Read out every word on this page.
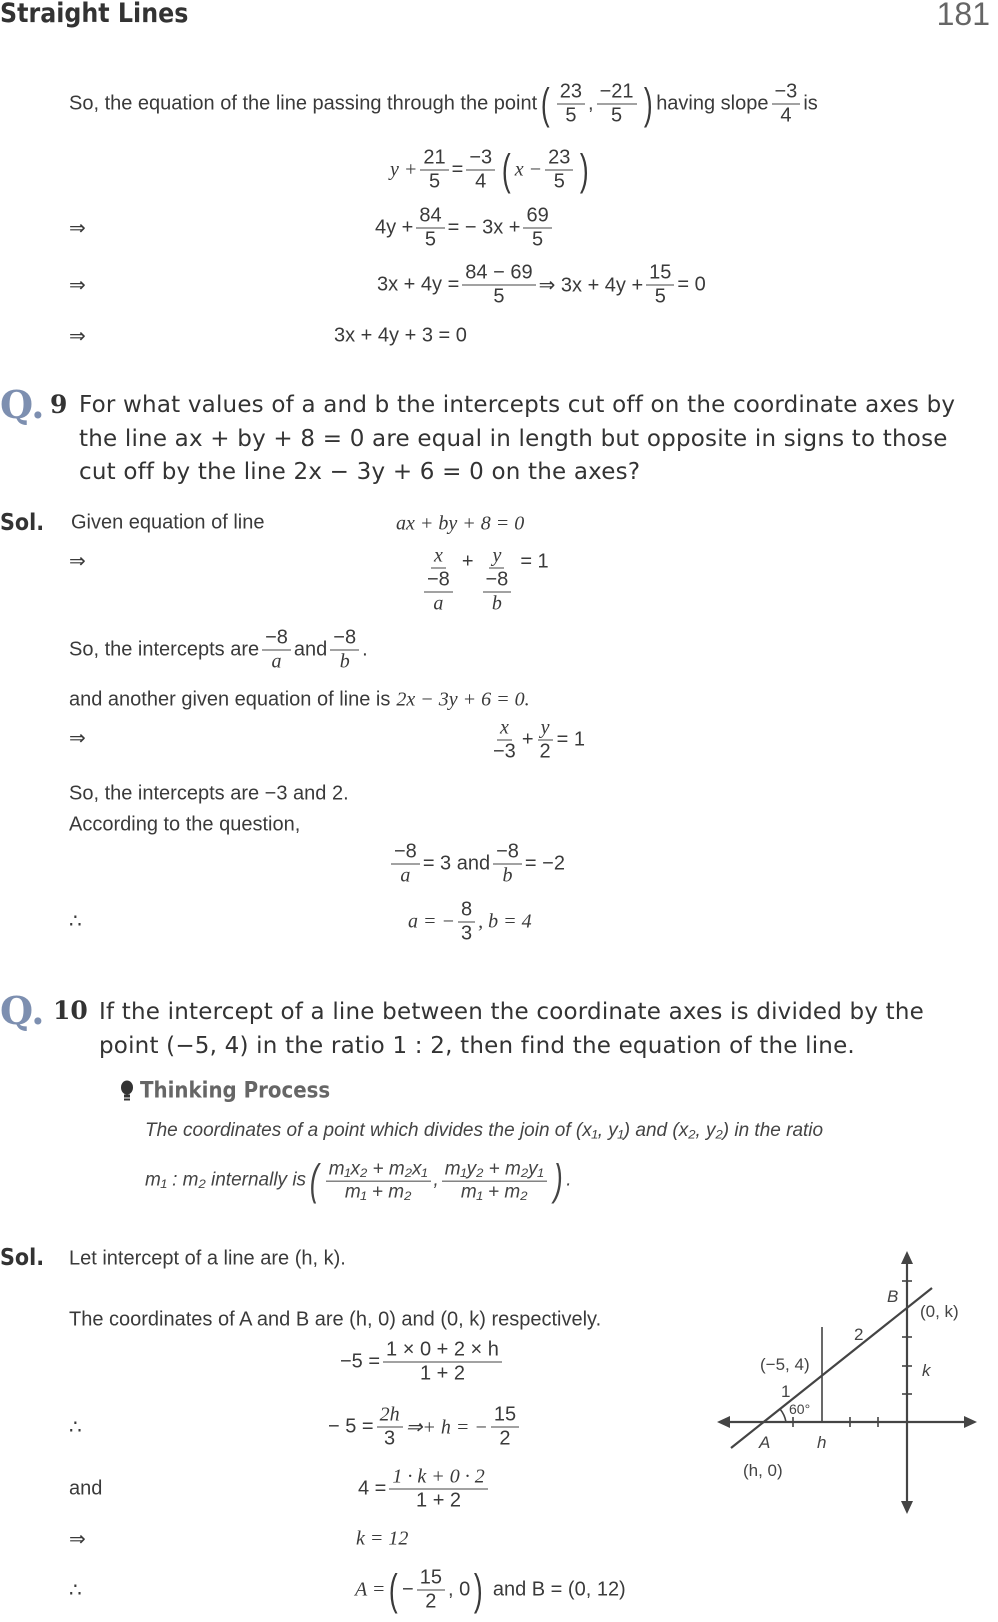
Straight Lines	181
So, the equation of the line passing through the point ( $\frac{23}{5}$ , $\frac{-21}{5}$ ) having slope $\frac{-3}{4}$ is
$y + \frac{21}{5} = \frac{-3}{4}$ ( $x - \frac{23}{5}$ )
⇒	$4y + \frac{84}{5}$ = − $3x + \frac{69}{5}$
⇒	$3x + 4y = \frac{84 - 69}{5}$ ⇒ $3x + 4y + \frac{15}{5} = 0$
⇒	3x + 4y + 3 = 0
Q. 9 For what values of a and b the intercepts cut off on the coordinate axes by
the line ax + by + 8 = 0 are equal in length but opposite in signs to those
cut off by the line 2x − 3y + 6 = 0 on the axes?
Sol. Given equation of line	ax + by + 8 = 0
⇒	$\frac{x}{\frac{-8}{a}} + \frac{y}{\frac{-8}{b}} = 1$
So, the intercepts are $\frac{-8}{a}$ and $\frac{-8}{b}$ .
and another given equation of line is 2x − 3y + 6 = 0.
⇒	$\frac{x}{-3} + \frac{y}{2} = 1$
So, the intercepts are −3 and 2.
According to the question,
$\frac{-8}{a} = 3$ and $\frac{-8}{b} = -2$
∴	a = − $\frac{8}{3}$ , b = 4
Q. 10 If the intercept of a line between the coordinate axes is divided by the
point (−5, 4) in the ratio 1 : 2, then find the equation of the line.
Thinking Process
The coordinates of a point which divides the join of (x₁, y₁) and (x₂, y₂) in the ratio
m₁ : m₂ internally is ( $\frac{\text{m₁x₂ + m₂x₁}}{\text{m₁ + m₂}}$ , $\frac{\text{m₁y₂ + m₂y₁}}{\text{m₁ + m₂}}$ ) .
Sol. Let intercept of a line are (h, k).
The coordinates of A and B are (h, 0) and (0, k) respectively.
$-5 = \frac{1 \times 0 + 2 \times h}{1 + 2}$
∴	− $5 = \frac{2h}{3}$ ⇒+ h = − $\frac{15}{2}$
and	$4 = \frac{1 \cdot k + 0 \cdot 2}{1 + 2}$
⇒	k = 12
∴	A = ( − $\frac{15}{2}$ , 0 ) and B = (0, 12)
B
(0, k)
2
(−5, 4)	k
1
60°
A	h
(h, 0)
